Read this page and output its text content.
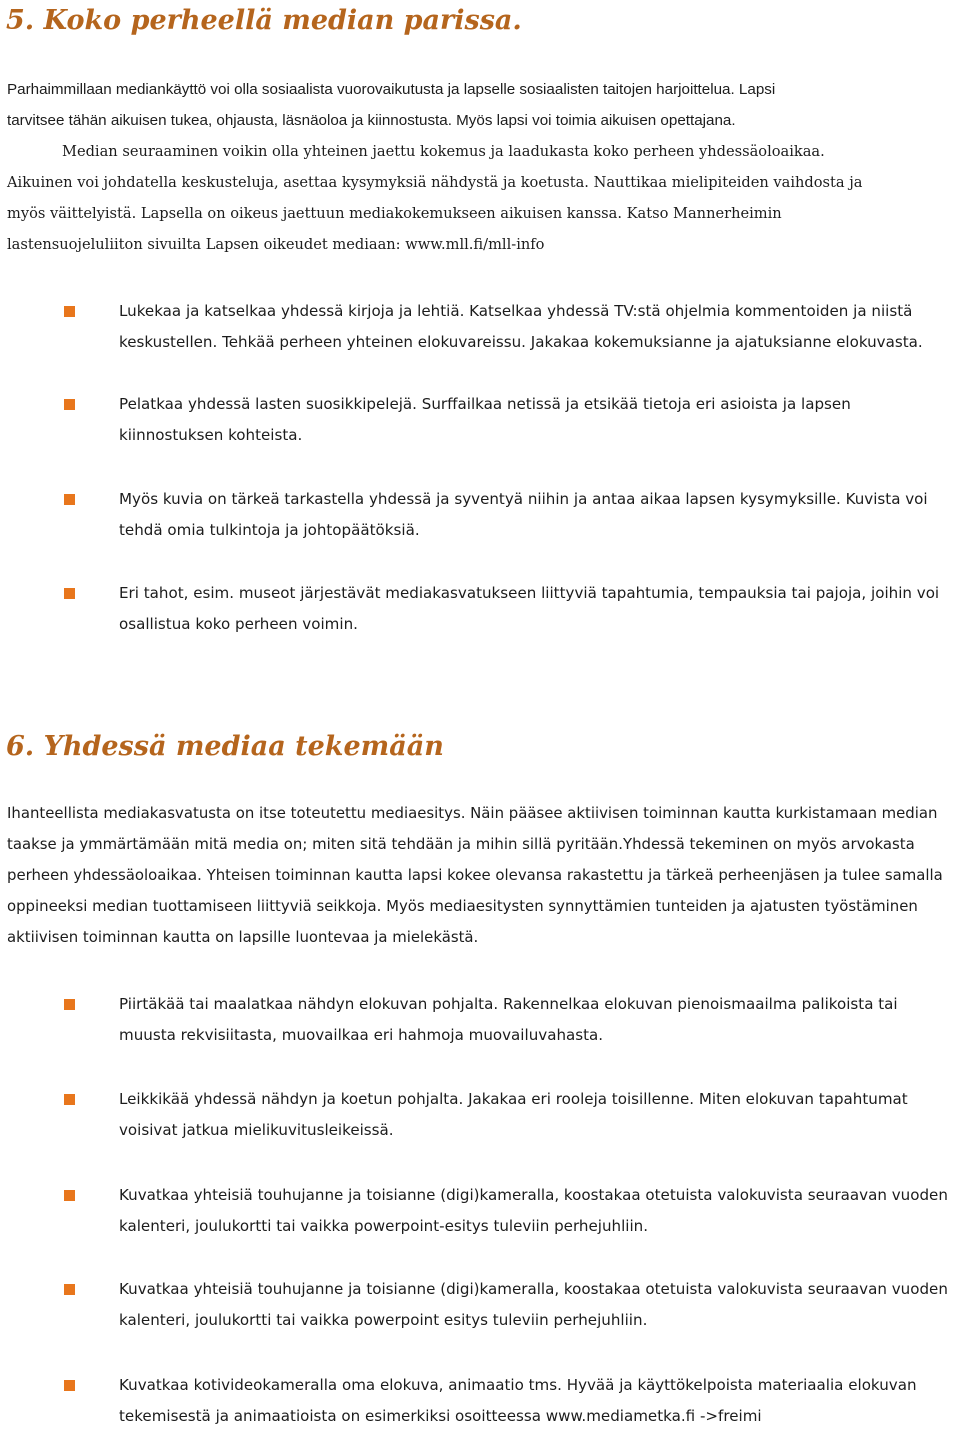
5. Koko perheellä median parissa.

Parhaimmillaan mediankäyttö voi olla sosiaalista vuorovaikutusta ja lapselle sosiaalisten taitojen harjoittelua. Lapsi
tarvitsee tähän aikuisen tukea, ohjausta, läsnäoloa ja kiinnostusta. Myös lapsi voi toimia aikuisen opettajana.
Median seuraaminen voikin olla yhteinen jaettu kokemus ja laadukasta koko perheen yhdessäoloaikaa.
Aikuinen voi johdatella keskusteluja, asettaa kysymyksiä nähdystä ja koetusta. Nauttikaa mielipiteiden vaihdosta ja
myös väittelyistä. Lapsella on oikeus jaettuun mediakokemukseen aikuisen kanssa. Katso Mannerheimin
lastensuojeluliiton sivuilta Lapsen oikeudet mediaan: www.mll.fi/mll-info

Lukekaa ja katselkaa yhdessä kirjoja ja lehtiä. Katselkaa yhdessä TV:stä ohjelmia kommentoiden ja niistä keskustellen. Tehkää perheen yhteinen elokuvareissu. Jakakaa kokemuksianne ja ajatuksianne elokuvasta.
Pelatkaa yhdessä lasten suosikkipelejä. Surffailkaa netissä ja etsikää tietoja eri asioista ja lapsen kiinnostuksen kohteista.
Myös kuvia on tärkeä tarkastella yhdessä ja syventyä niihin ja antaa aikaa lapsen kysymyksille. Kuvista voi tehdä omia tulkintoja ja johtopäätöksiä.
Eri tahot, esim. museot järjestävät mediakasvatukseen liittyviä tapahtumia, tempauksia tai pajoja, joihin voi osallistua koko perheen voimin.
6. Yhdessä mediaa tekemään

Ihanteellista mediakasvatusta on itse toteutettu mediaesitys. Näin pääsee aktiivisen toiminnan kautta kurkistamaan median taakse ja ymmärtämään mitä media on; miten sitä tehdään ja mihin sillä pyritään.Yhdessä tekeminen on myös arvokasta perheen yhdessäoloaikaa. Yhteisen toiminnan kautta lapsi kokee olevansa rakastettu ja tärkeä perheenjäsen ja tulee samalla oppineeksi median tuottamiseen liittyviä seikkoja. Myös mediaesitysten synnyttämien tunteiden ja ajatusten työstäminen aktiivisen toiminnan kautta on lapsille luontevaa ja mielekästä.

Piirtäkää tai maalatkaa nähdyn elokuvan pohjalta. Rakennelkaa elokuvan pienoismaailma palikoista tai muusta rekvisiitasta, muovailkaa eri hahmoja muovailuvahasta.
Leikkikää yhdessä nähdyn ja koetun pohjalta. Jakakaa eri rooleja toisillenne. Miten elokuvan tapahtumat voisivat jatkua mielikuvitusleikeissä.
Kuvatkaa yhteisiä touhujanne ja toisianne (digi)kameralla, koostakaa otetuista valokuvista seuraavan vuoden kalenteri, joulukortti tai vaikka powerpoint-esitys tuleviin perhejuhliin.
Kuvatkaa yhteisiä touhujanne ja toisianne (digi)kameralla, koostakaa otetuista valokuvista seuraavan vuoden kalenteri, joulukortti tai vaikka powerpoint esitys tuleviin perhejuhliin.
Kuvatkaa kotivideokameralla oma elokuva, animaatio tms. Hyvää ja käyttökelpoista materiaalia elokuvan tekemisestä ja animaatioista on esimerkiksi osoitteessa www.mediametka.fi ->freimi
